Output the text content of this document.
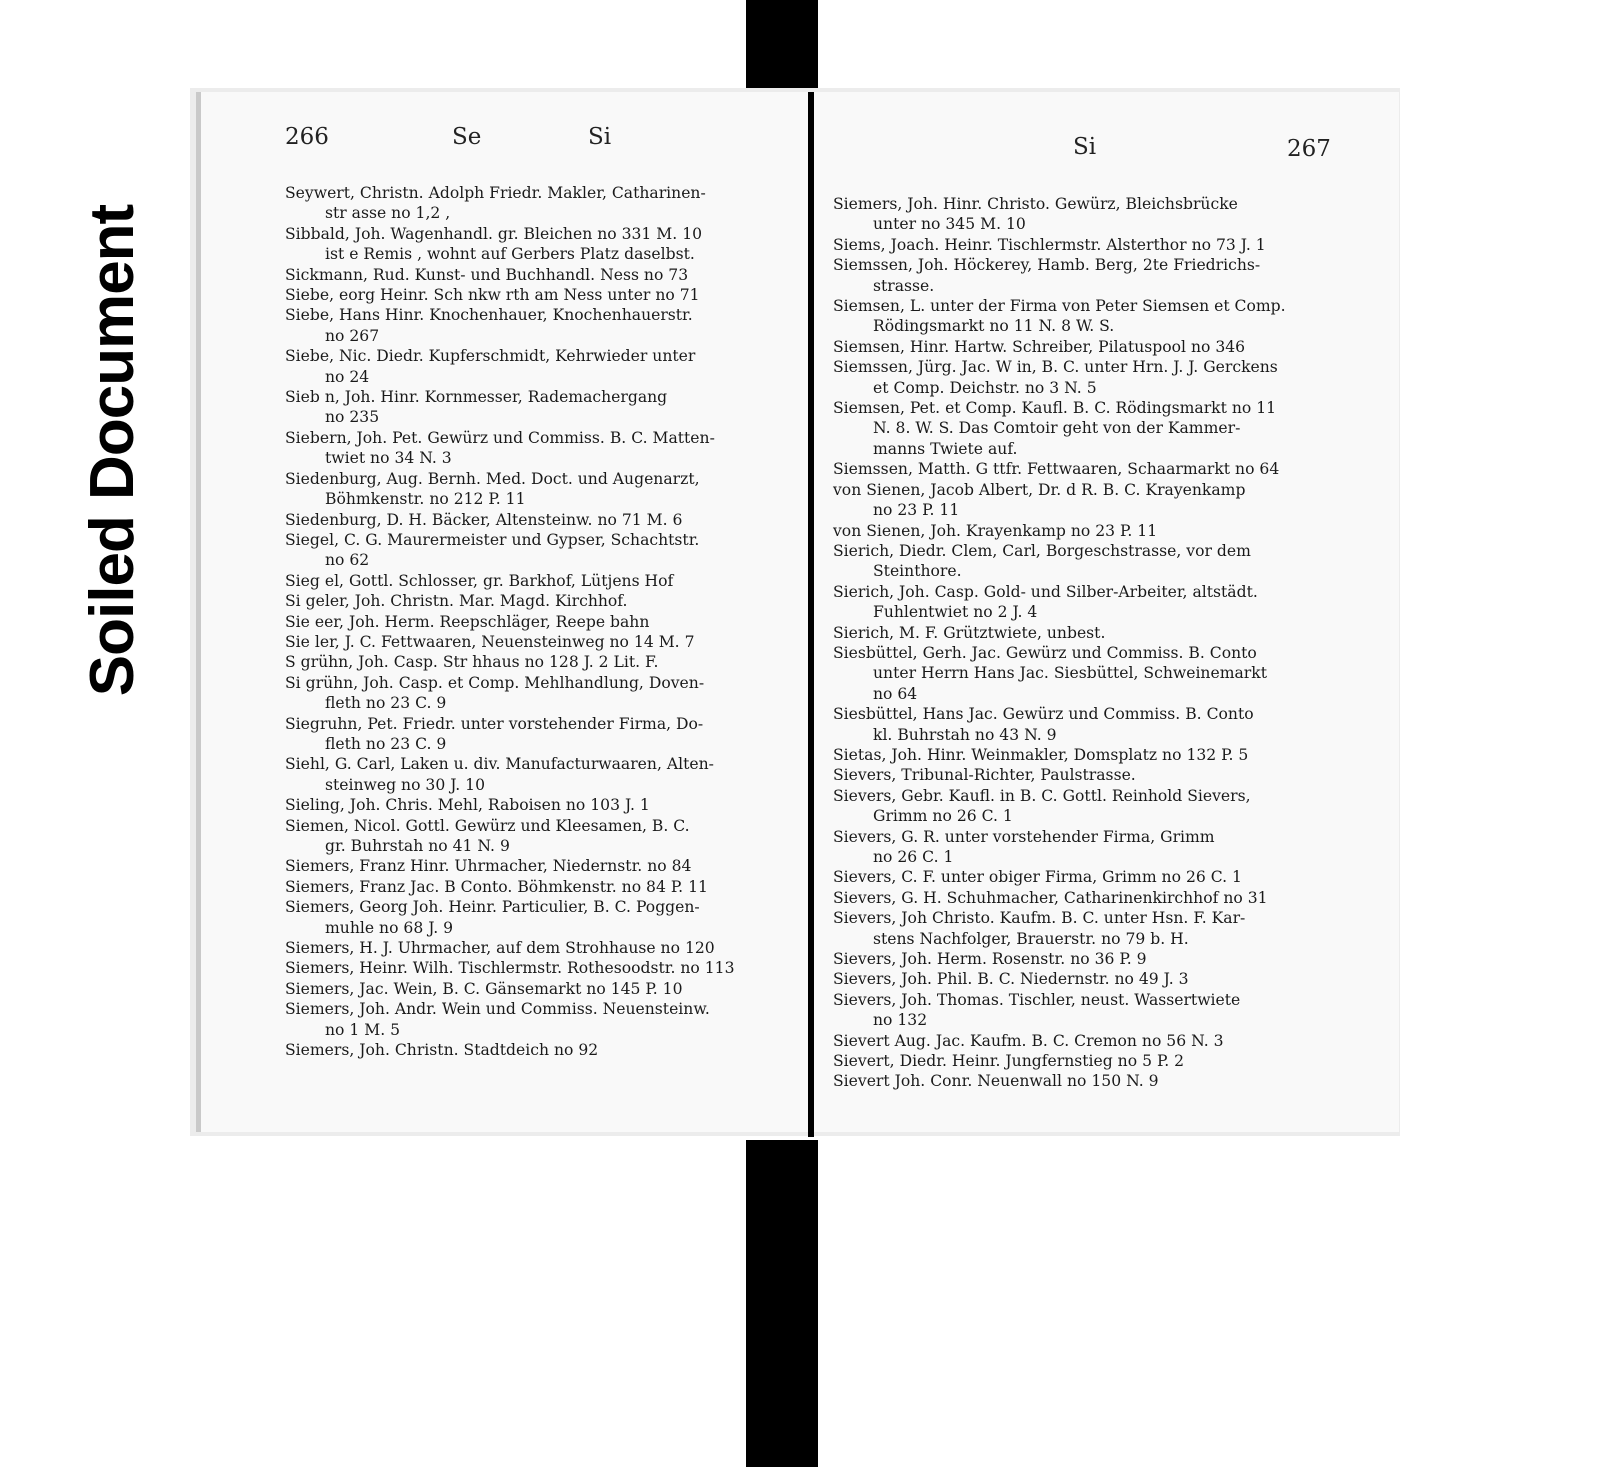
Soiled Document
266	Se	Si	Si	267
Seywert, Christn. Adolph Friedr. Makler, Catharinen-
str asse no 1,2 ,
Sibbald, Joh. Wagenhandl. gr. Bleichen no 331 M. 10
ist e Remis , wohnt auf Gerbers Platz daselbst.
Sickmann, Rud. Kunst- und Buchhandl. Ness no 73
Siebe, eorg Heinr. Sch nkw rth am Ness unter no 71
Siebe, Hans Hinr. Knochenhauer, Knochenhauerstr.
no 267
Siebe, Nic. Diedr. Kupferschmidt, Kehrwieder unter
no 24
Sieb n, Joh. Hinr. Kornmesser, Rademachergang
no 235
Siebern, Joh. Pet. Gewürz und Commiss. B. C. Matten-
twiet no 34 N. 3
Siedenburg, Aug. Bernh. Med. Doct. und Augenarzt,
Böhmkenstr. no 212 P. 11
Siedenburg, D. H. Bäcker, Altensteinw. no 71 M. 6
Siegel, C. G. Maurermeister und Gypser, Schachtstr.
no 62
Sieg el, Gottl. Schlosser, gr. Barkhof, Lütjens Hof
Si geler, Joh. Christn. Mar. Magd. Kirchhof.
Sie eer, Joh. Herm. Reepschläger, Reepe bahn
Sie ler, J. C. Fettwaaren, Neuensteinweg no 14 M. 7
S grühn, Joh. Casp. Str hhaus no 128 J. 2 Lit. F.
Si grühn, Joh. Casp. et Comp. Mehlhandlung, Doven-
fleth no 23 C. 9
Siegruhn, Pet. Friedr. unter vorstehender Firma, Do-
fleth no 23 C. 9
Siehl, G. Carl, Laken u. div. Manufacturwaaren, Alten-
steinweg no 30 J. 10
Sieling, Joh. Chris. Mehl, Raboisen no 103 J. 1
Siemen, Nicol. Gottl. Gewürz und Kleesamen, B. C.
gr. Buhrstah no 41 N. 9
Siemers, Franz Hinr. Uhrmacher, Niedernstr. no 84
Siemers, Franz Jac. B Conto. Böhmkenstr. no 84 P. 11
Siemers, Georg Joh. Heinr. Particulier, B. C. Poggen-
muhle no 68 J. 9
Siemers, H. J. Uhrmacher, auf dem Strohhause no 120
Siemers, Heinr. Wilh. Tischlermstr. Rothesoodstr. no 113
Siemers, Jac. Wein, B. C. Gänsemarkt no 145 P. 10
Siemers, Joh. Andr. Wein und Commiss. Neuensteinw.
no 1 M. 5
Siemers, Joh. Christn. Stadtdeich no 92
Siemers, Joh. Hinr. Christo. Gewürz, Bleichsbrücke
unter no 345 M. 10
Siems, Joach. Heinr. Tischlermstr. Alsterthor no 73 J. 1
Siemssen, Joh. Höckerey, Hamb. Berg, 2te Friedrichs-
strasse.
Siemsen, L. unter der Firma von Peter Siemsen et Comp.
Rödingsmarkt no 11 N. 8 W. S.
Siemsen, Hinr. Hartw. Schreiber, Pilatuspool no 346
Siemssen, Jürg. Jac. W in, B. C. unter Hrn. J. J. Gerckens
et Comp. Deichstr. no 3 N. 5
Siemsen, Pet. et Comp. Kaufl. B. C. Rödingsmarkt no 11
N. 8. W. S. Das Comtoir geht von der Kammer-
manns Twiete auf.
Siemssen, Matth. G ttfr. Fettwaaren, Schaarmarkt no 64
von Sienen, Jacob Albert, Dr. d R. B. C. Krayenkamp
no 23 P. 11
von Sienen, Joh. Krayenkamp no 23 P. 11
Sierich, Diedr. Clem, Carl, Borgeschstrasse, vor dem
Steinthore.
Sierich, Joh. Casp. Gold- und Silber-Arbeiter, altstädt.
Fuhlentwiet no 2 J. 4
Sierich, M. F. Grütztwiete, unbest.
Siesbüttel, Gerh. Jac. Gewürz und Commiss. B. Conto
unter Herrn Hans Jac. Siesbüttel, Schweinemarkt
no 64
Siesbüttel, Hans Jac. Gewürz und Commiss. B. Conto
kl. Buhrstah no 43 N. 9
Sietas, Joh. Hinr. Weinmakler, Domsplatz no 132 P. 5
Sievers, Tribunal-Richter, Paulstrasse.
Sievers, Gebr. Kaufl. in B. C. Gottl. Reinhold Sievers,
Grimm no 26 C. 1
Sievers, G. R. unter vorstehender Firma, Grimm
no 26 C. 1
Sievers, C. F. unter obiger Firma, Grimm no 26 C. 1
Sievers, G. H. Schuhmacher, Catharinenkirchhof no 31
Sievers, Joh Christo. Kaufm. B. C. unter Hsn. F. Kar-
stens Nachfolger, Brauerstr. no 79 b. H.
Sievers, Joh. Herm. Rosenstr. no 36 P. 9
Sievers, Joh. Phil. B. C. Niedernstr. no 49 J. 3
Sievers, Joh. Thomas. Tischler, neust. Wassertwiete
no 132
Sievert Aug. Jac. Kaufm. B. C. Cremon no 56 N. 3
Sievert, Diedr. Heinr. Jungfernstieg no 5 P. 2
Sievert Joh. Conr. Neuenwall no 150 N. 9
